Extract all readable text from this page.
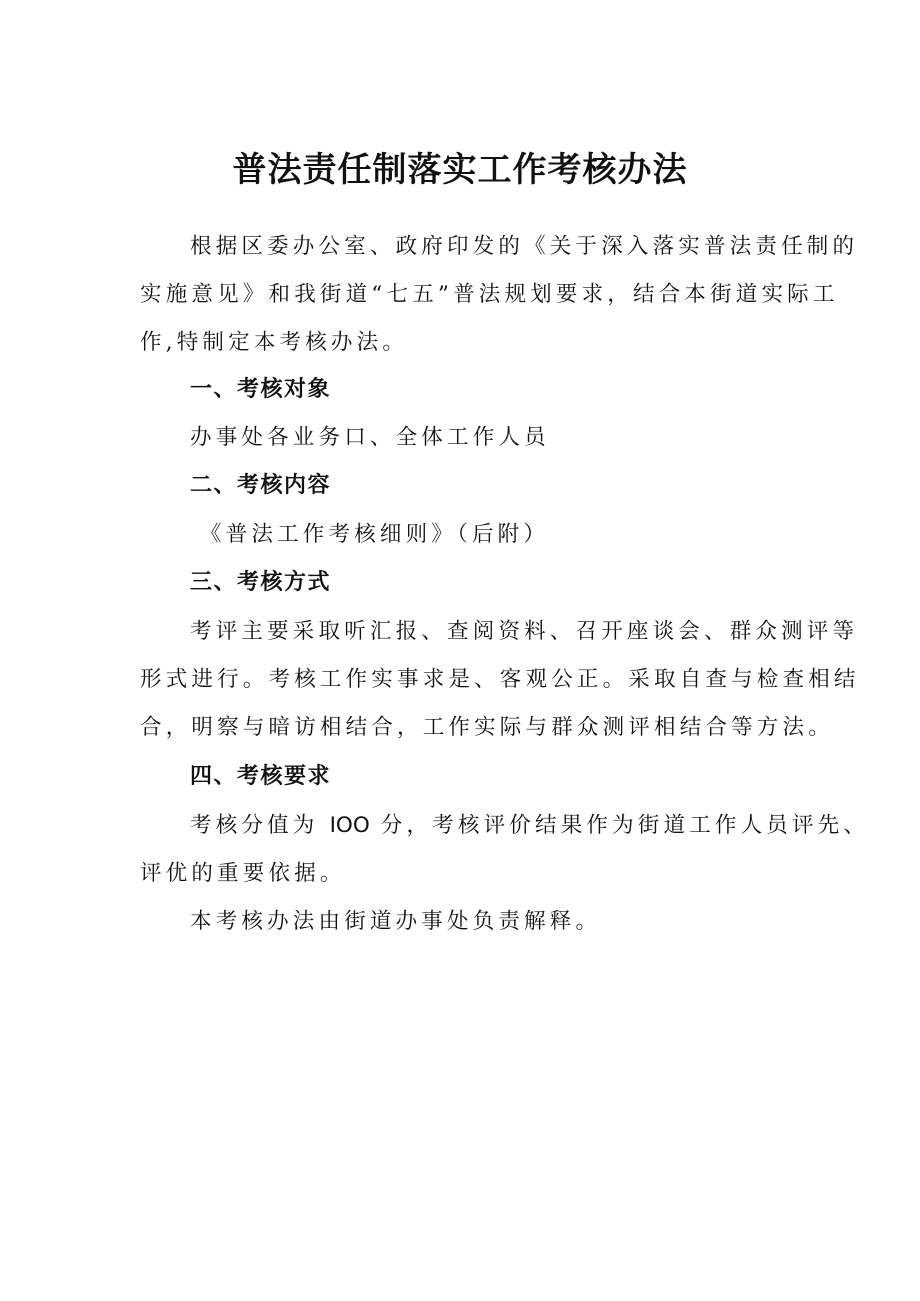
普法责任制落实工作考核办法
根据区委办公室、政府印发的《关于深入落实普法责任制的
实施意见》和我街道“七五”普法规划要求，结合本街道实际工
作,特制定本考核办法。
一、考核对象
办事处各业务口、全体工作人员
二、考核内容
《普法工作考核细则》（后附）
三、考核方式
考评主要采取听汇报、查阅资料、召开座谈会、群众测评等
形式进行。考核工作实事求是、客观公正。采取自查与检查相结
合，明察与暗访相结合，工作实际与群众测评相结合等方法。
四、考核要求
考核分值为 IOO 分，考核评价结果作为街道工作人员评先、
评优的重要依据。
本考核办法由街道办事处负责解释。
